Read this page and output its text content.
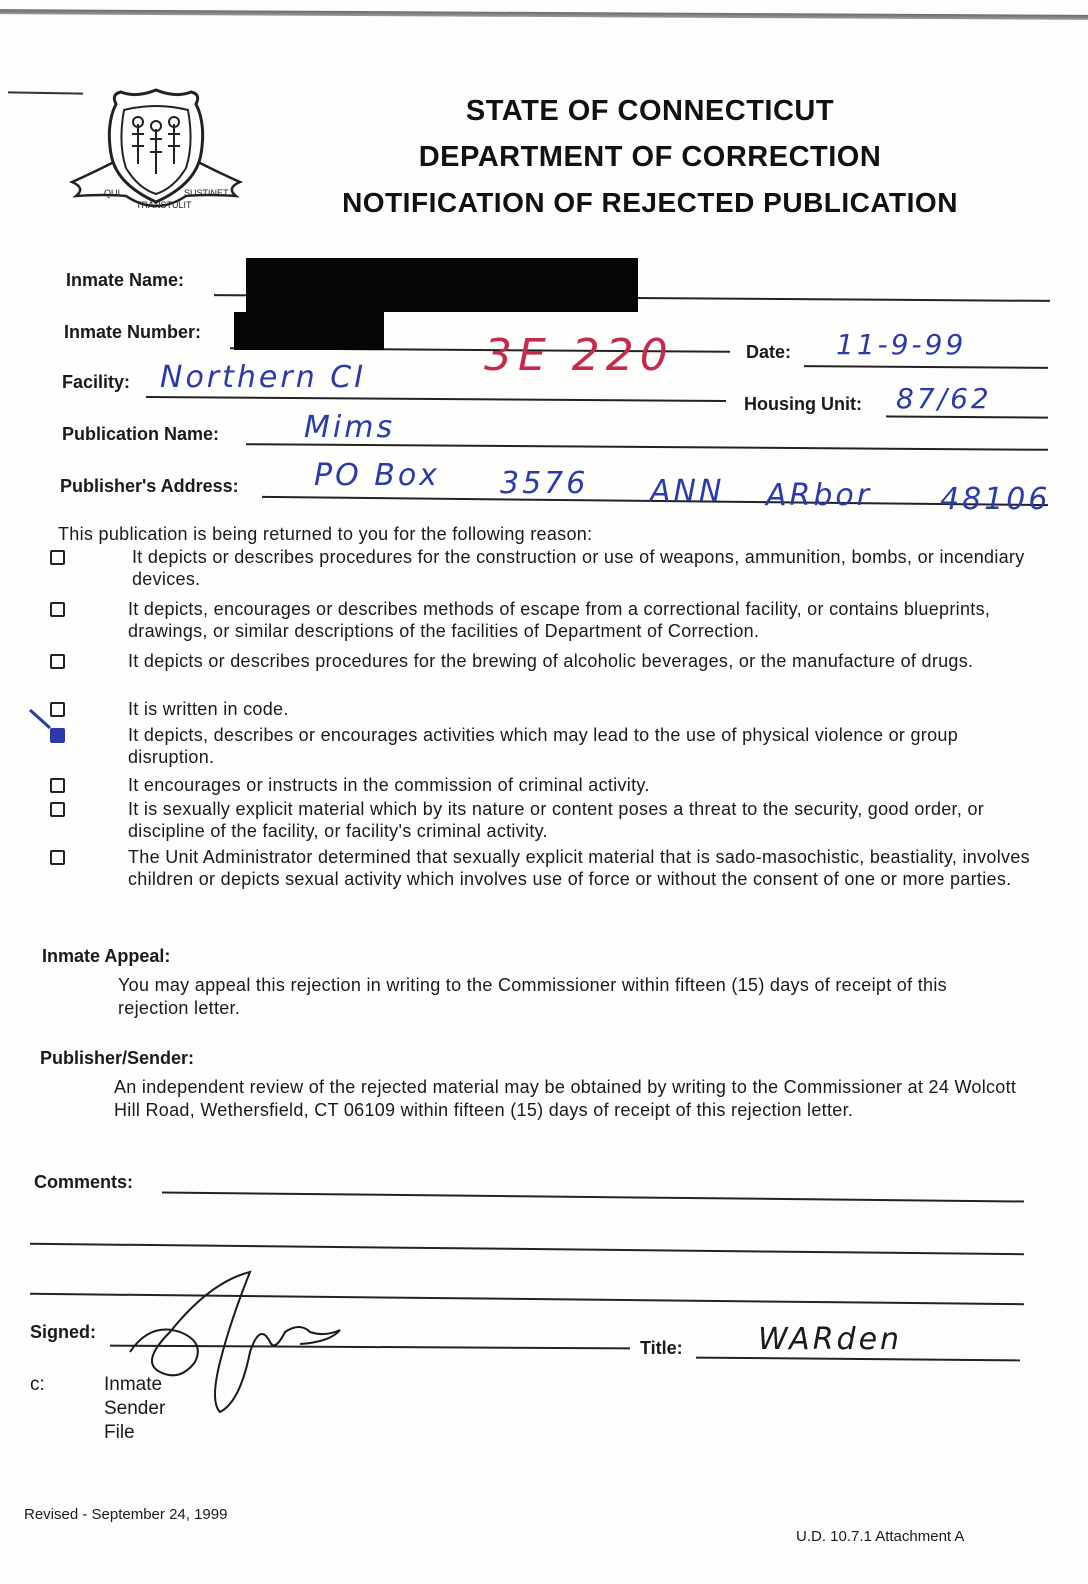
QUI
TRANSTULIT
SUSTINET
STATE OF CONNECTICUT
DEPARTMENT OF CORRECTION
NOTIFICATION OF REJECTED PUBLICATION
Inmate Name:
Inmate Number:	3E 220	Date: 11-9-99
Facility: Northern CI
Housing Unit: 87/62
Publication Name:	Mims
Publisher's Address:	PO Box 3576 ANN ARbor 48106
This publication is being returned to you for the following reason:
It depicts or describes procedures for the construction or use of weapons, ammunition, bombs, or incendiary devices.
It depicts, encourages or describes methods of escape from a correctional facility, or contains blueprints, drawings, or similar descriptions of the facilities of Department of Correction.
It depicts or describes procedures for the brewing of alcoholic beverages, or the manufacture of drugs.
It is written in code.
It depicts, describes or encourages activities which may lead to the use of physical violence or group disruption.
It encourages or instructs in the commission of criminal activity.
It is sexually explicit material which by its nature or content poses a threat to the security, good order, or discipline of the facility, or facility's criminal activity.
The Unit Administrator determined that sexually explicit material that is sado-masochistic, beastiality, involves children or depicts sexual activity which involves use of force or without the consent of one or more parties.
Inmate Appeal:
You may appeal this rejection in writing to the Commissioner within fifteen (15) days of receipt of this rejection letter.
Publisher/Sender:
An independent review of the rejected material may be obtained by writing to the Commissioner at 24 Wolcott Hill Road, Wethersfield, CT 06109 within fifteen (15) days of receipt of this rejection letter.
Comments:
Signed:
Title:	WARden
c:	Inmate
Sender
File
Revised - September 24, 1999
U.D. 10.7.1 Attachment A
